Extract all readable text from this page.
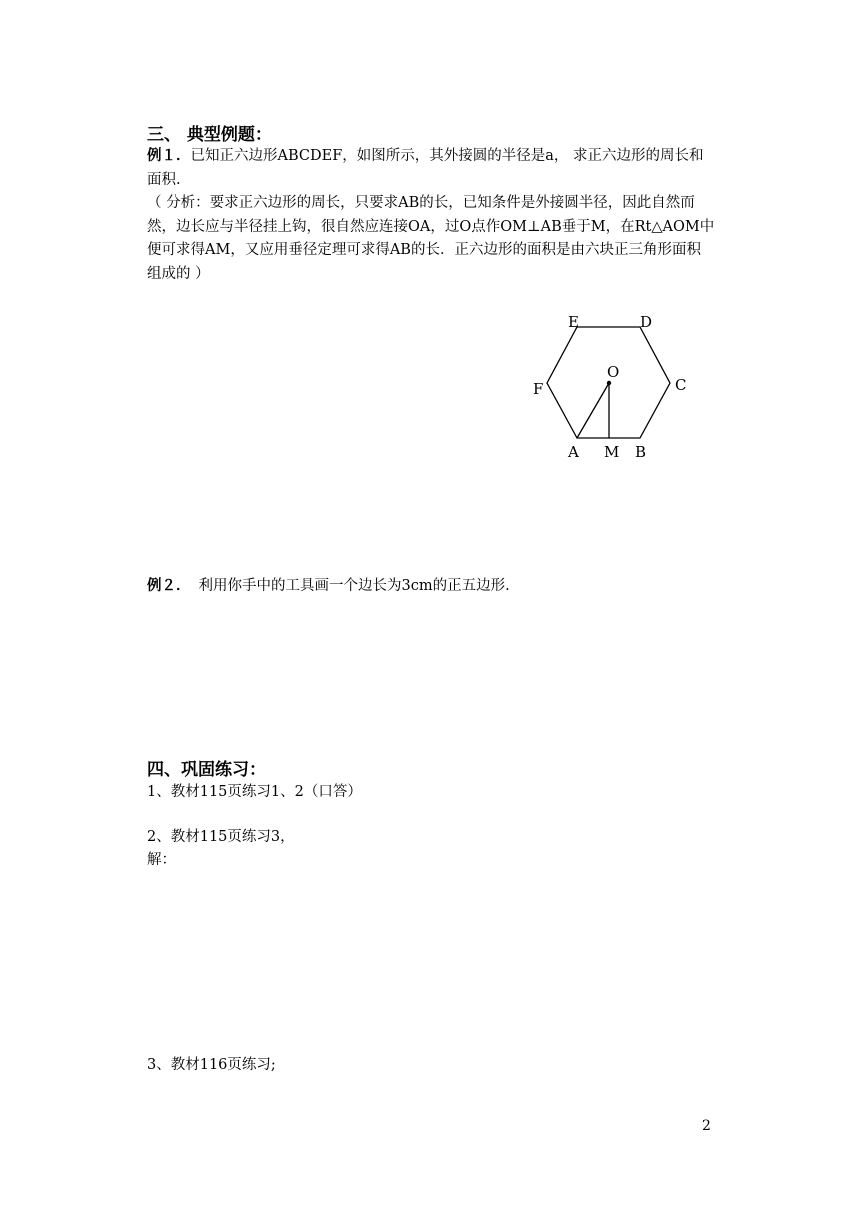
三、 典型例题：
例１．已知正六边形ABCDEF，如图所示，其外接圆的半径是a， 求正六边形的周长和面积.
（ 分析：要求正六边形的周长，只要求AB的长，已知条件是外接圆半径，因此自然而然，边长应与半径挂上钩，很自然应连接OA，过O点作OM⊥AB垂于M，在Rt△AOM中便可求得AM，又应用垂径定理可求得AB的长．正六边形的面积是由六块正三角形面积组成的 ）
E	D
O
F	C
A M B
例２． 利用你手中的工具画一个边长为3cm的正五边形.
四、巩固练习：
1、教材115页练习1、2（口答）
2、教材115页练习3，
解：
3、教材116页练习;
2
